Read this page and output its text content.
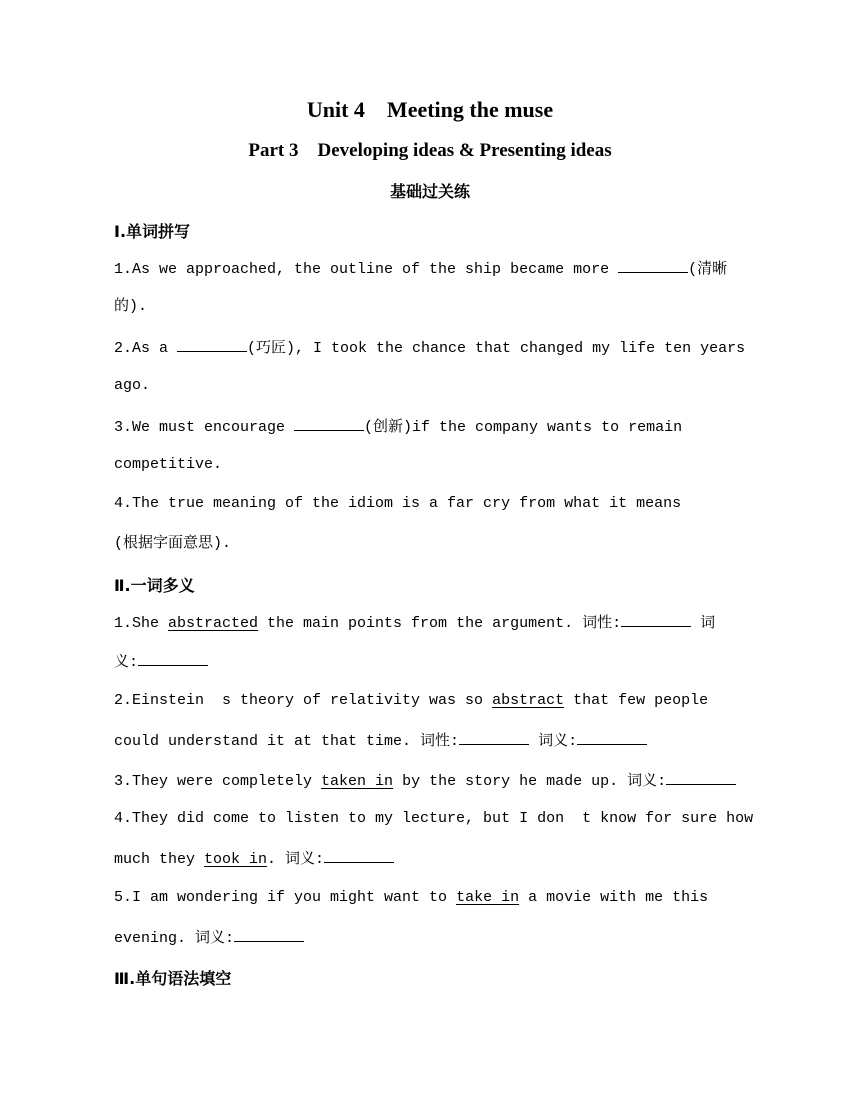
Unit 4    Meeting the muse
Part 3    Developing ideas & Presenting ideas
基础过关练
Ⅰ.单词拼写
1.As we approached, the outline of the ship became more	(清晰
的).
2.As a	(巧匠), I took the chance that changed my life ten years
ago.
3.We must encourage	(创新)if the company wants to remain
competitive.
4.The true meaning of the idiom is a far cry from what it means
(根据字面意思).
Ⅱ.一词多义
1.She abstracted the main points from the argument. 词性:	词
义:
2.Einstein  s theory of relativity was so abstract that few people
could understand it at that time. 词性:	词义:
3.They were completely taken in by the story he made up. 词义:
4.They did come to listen to my lecture, but I don  t know for sure how
much they took in. 词义:
5.I am wondering if you might want to take in a movie with me this
evening. 词义:
Ⅲ.单句语法填空
